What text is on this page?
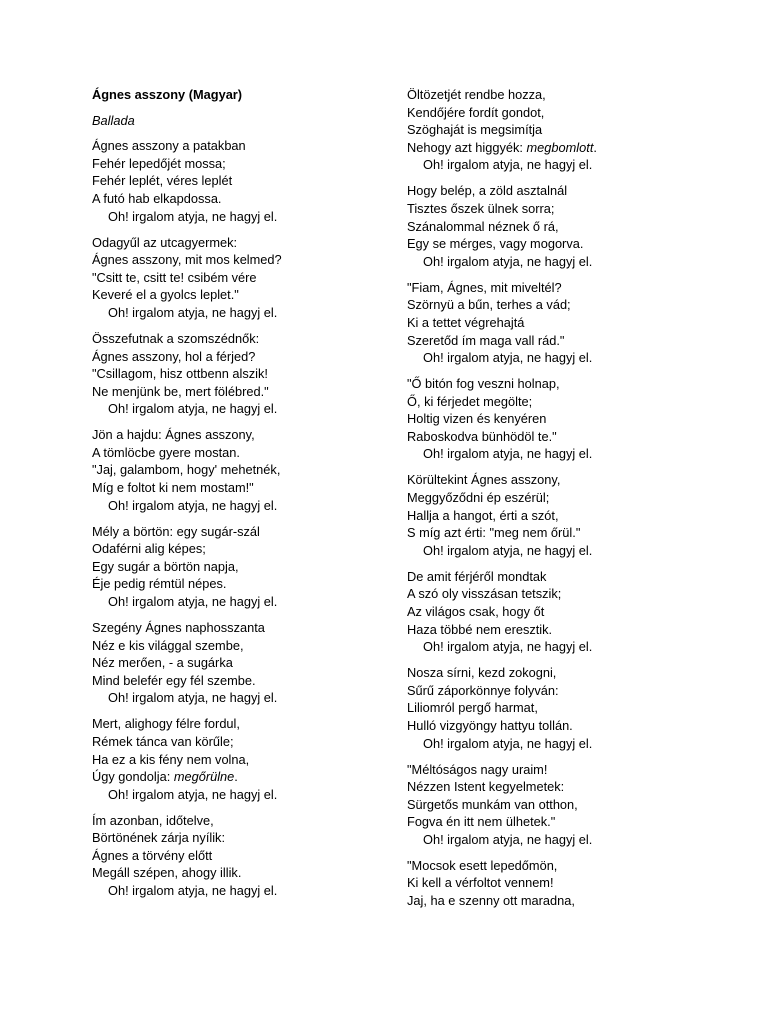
Ágnes asszony (Magyar)
Ballada
Ágnes asszony a patakban
Fehér lepedőjét mossa;
Fehér leplét, véres leplét
A futó hab elkapdossa.
Oh! irgalom atyja, ne hagyj el.
Odagyűl az utcagyermek:
Ágnes asszony, mit mos kelmed?
"Csitt te, csitt te! csibém vére
Keveré el a gyolcs leplet."
Oh! irgalom atyja, ne hagyj el.
Összefutnak a szomszédnők:
Ágnes asszony, hol a férjed?
"Csillagom, hisz ottbenn alszik!
Ne menjünk be, mert fölébred."
Oh! irgalom atyja, ne hagyj el.
Jön a hajdu: Ágnes asszony,
A tömlöcbe gyere mostan.
"Jaj, galambom, hogy' mehetnék,
Míg e foltot ki nem mostam!"
Oh! irgalom atyja, ne hagyj el.
Mély a börtön: egy sugár-szál
Odaférni alig képes;
Egy sugár a börtön napja,
Éje pedig rémtül népes.
Oh! irgalom atyja, ne hagyj el.
Szegény Ágnes naphosszanta
Néz e kis világgal szembe,
Néz merően, - a sugárka
Mind belefér egy fél szembe.
Oh! irgalom atyja, ne hagyj el.
Mert, alighogy félre fordul,
Rémek tánca van körűle;
Ha ez a kis fény nem volna,
Úgy gondolja: megőrülne.
Oh! irgalom atyja, ne hagyj el.
Ím azonban, időtelve,
Börtönének zárja nyílik:
Ágnes a törvény előtt
Megáll szépen, ahogy illik.
Oh! irgalom atyja, ne hagyj el.
Öltözetjét rendbe hozza,
Kendőjére fordít gondot,
Szöghaját is megsimítja
Nehogy azt higgyék: megbomlott.
Oh! irgalom atyja, ne hagyj el.
Hogy belép, a zöld asztalnál
Tisztes őszek ülnek sorra;
Szánalommal néznek ő rá,
Egy se mérges, vagy mogorva.
Oh! irgalom atyja, ne hagyj el.
"Fiam, Ágnes, mit miveltél?
Szörnyü a bűn, terhes a vád;
Ki a tettet végrehajtá
Szeretőd ím maga vall rád."
Oh! irgalom atyja, ne hagyj el.
"Ő bitón fog veszni holnap,
Ő, ki férjedet megölte;
Holtig vizen és kenyéren
Raboskodva bünhödöl te."
Oh! irgalom atyja, ne hagyj el.
Körültekint Ágnes asszony,
Meggyőződni ép eszérül;
Hallja a hangot, érti a szót,
S míg azt érti: "meg nem őrül."
Oh! irgalom atyja, ne hagyj el.
De amit férjéről mondtak
A szó oly visszásan tetszik;
Az világos csak, hogy őt
Haza többé nem eresztik.
Oh! irgalom atyja, ne hagyj el.
Nosza sírni, kezd zokogni,
Sűrű záporkönnye folyván:
Liliomról pergő harmat,
Hulló vizgyöngy hattyu tollán.
Oh! irgalom atyja, ne hagyj el.
"Méltóságos nagy uraim!
Nézzen Istent kegyelmetek:
Sürgetős munkám van otthon,
Fogva én itt nem ülhetek."
Oh! irgalom atyja, ne hagyj el.
"Mocsok esett lepedőmön,
Ki kell a vérfoltot vennem!
Jaj, ha e szenny ott maradna,
